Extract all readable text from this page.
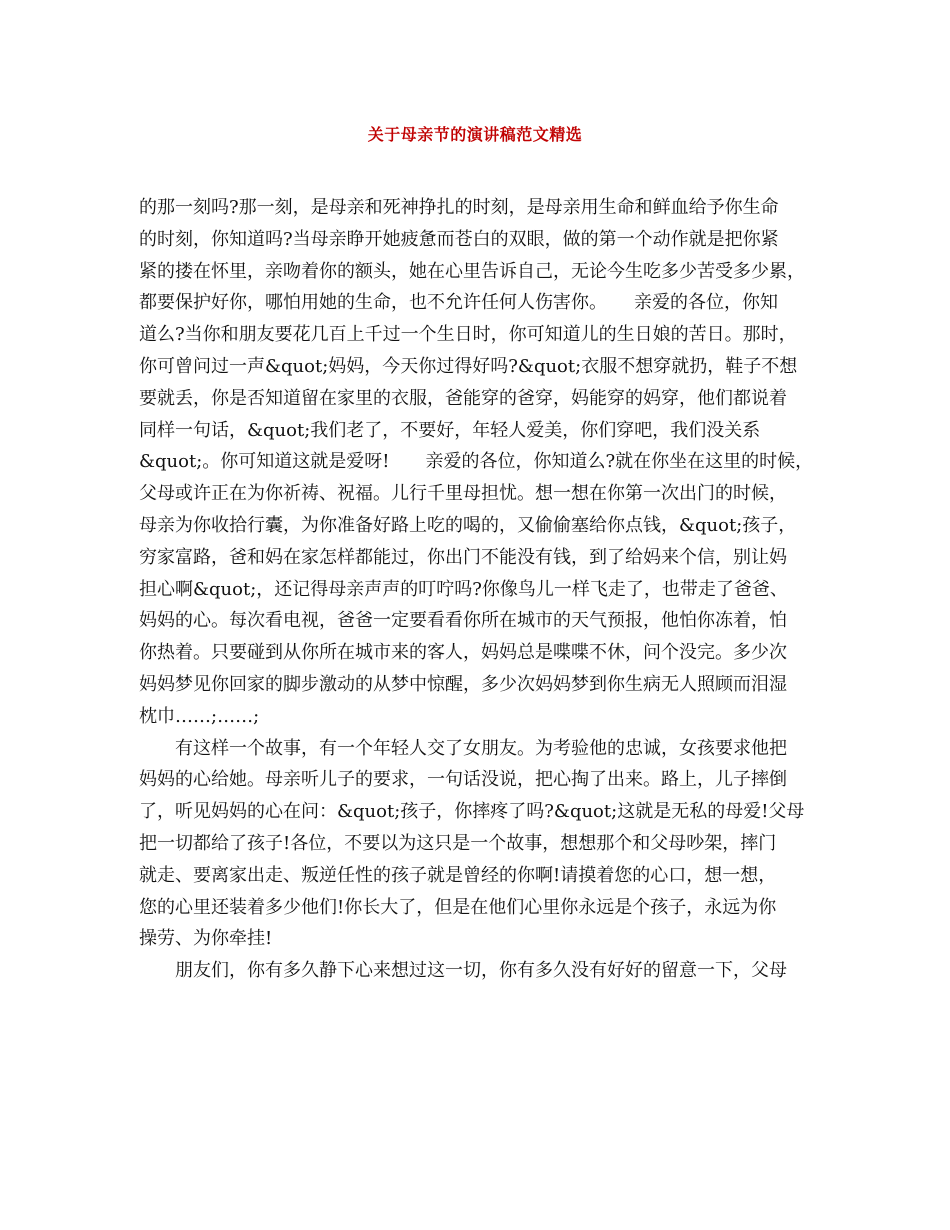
关于母亲节的演讲稿范文精选
的那一刻吗?那一刻，是母亲和死神挣扎的时刻，是母亲用生命和鲜血给予你生命
的时刻，你知道吗?当母亲睁开她疲惫而苍白的双眼，做的第一个动作就是把你紧
紧的搂在怀里，亲吻着你的额头，她在心里告诉自己，无论今生吃多少苦受多少累，
都要保护好你，哪怕用她的生命，也不允许任何人伤害你。　　亲爱的各位，你知
道么?当你和朋友要花几百上千过一个生日时，你可知道儿的生日娘的苦日。那时，
你可曾问过一声&quot;妈妈，今天你过得好吗?&quot;衣服不想穿就扔，鞋子不想
要就丢，你是否知道留在家里的衣服，爸能穿的爸穿，妈能穿的妈穿，他们都说着
同样一句话，&quot;我们老了，不要好，年轻人爱美，你们穿吧，我们没关系
&quot;。你可知道这就是爱呀!　　亲爱的各位，你知道么?就在你坐在这里的时候，
父母或许正在为你祈祷、祝福。儿行千里母担忧。想一想在你第一次出门的时候，
母亲为你收拾行囊，为你准备好路上吃的喝的，又偷偷塞给你点钱，&quot;孩子，
穷家富路，爸和妈在家怎样都能过，你出门不能没有钱，到了给妈来个信，别让妈
担心啊&quot;，还记得母亲声声的叮咛吗?你像鸟儿一样飞走了，也带走了爸爸、
妈妈的心。每次看电视，爸爸一定要看看你所在城市的天气预报，他怕你冻着，怕
你热着。只要碰到从你所在城市来的客人，妈妈总是喋喋不休，问个没完。多少次
妈妈梦见你回家的脚步激动的从梦中惊醒，多少次妈妈梦到你生病无人照顾而泪湿
枕巾……;……;
　　有这样一个故事，有一个年轻人交了女朋友。为考验他的忠诚，女孩要求他把
妈妈的心给她。母亲听儿子的要求，一句话没说，把心掏了出来。路上，儿子摔倒
了，听见妈妈的心在问：&quot;孩子，你摔疼了吗?&quot;这就是无私的母爱!父母
把一切都给了孩子!各位，不要以为这只是一个故事，想想那个和父母吵架，摔门
就走、要离家出走、叛逆任性的孩子就是曾经的你啊!请摸着您的心口，想一想，
您的心里还装着多少他们!你长大了，但是在他们心里你永远是个孩子，永远为你
操劳、为你牵挂!
　　朋友们，你有多久静下心来想过这一切，你有多久没有好好的留意一下，父母
